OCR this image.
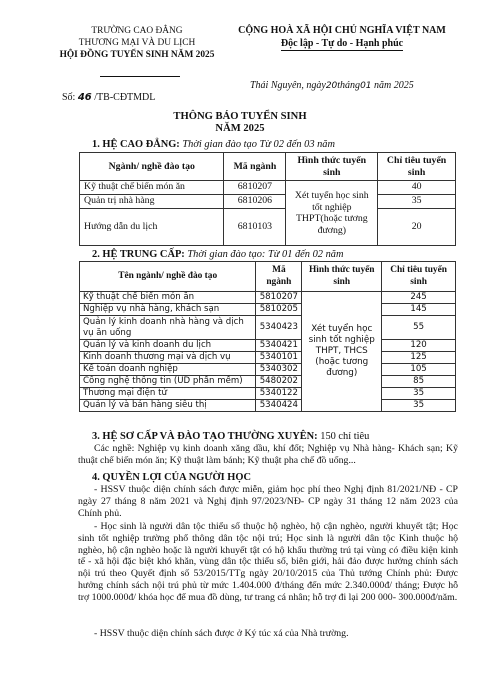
TRƯỜNG CAO ĐẲNG
THƯƠNG MẠI VÀ DU LỊCH
HỘI ĐỒNG TUYỂN SINH NĂM 2025
CỘNG HOÀ XÃ HỘI CHỦ NGHĨA VIỆT NAM
Độc lập - Tự do - Hạnh phúc
Thái Nguyên, ngày20tháng01 năm 2025
Số: 46 /TB-CĐTMDL
THÔNG BÁO TUYỂN SINH
NĂM 2025
1. HỆ CAO ĐẲNG: Thời gian đào tạo Từ 02 đến 03 năm
Ngành/ nghề đào tạo	Mã ngành	Hình thức tuyển sinh	Chỉ tiêu tuyển sinh
Kỹ thuật chế biến món ăn	6810207	Xét tuyển học sinh tốt nghiệp THPT(hoặc tương đương)	40
Quản trị nhà hàng	6810206		35
Hướng dẫn du lịch	6810103		20
2. HỆ TRUNG CẤP: Thời gian đào tạo: Từ 01 đến 02 năm
Tên ngành/ nghề đào tạo	Mã ngành	Hình thức tuyển sinh	Chỉ tiêu tuyển sinh
Kỹ thuật chế biến món ăn	5810207	Xét tuyển học sinh tốt nghiệp THPT, THCS (hoặc tương đương)	245
Nghiệp vụ nhà hàng, khách sạn	5810205		145
Quản lý kinh doanh nhà hàng và dịch vụ ăn uống	5340423		55
Quản lý và kinh doanh du lịch	5340421		120
Kinh doanh thương mại và dịch vụ	5340101		125
Kế toán doanh nghiệp	5340302		105
Công nghệ thông tin (UD phần mềm)	5480202		85
Thương mại điện tử	5340122		35
Quản lý và bán hàng siêu thị	5340424		35
3. HỆ SƠ CẤP VÀ ĐÀO TẠO THƯỜNG XUYÊN: 150 chỉ tiêu
Các nghề: Nghiệp vụ kinh doanh xăng dầu, khí đốt; Nghiệp vụ Nhà hàng- Khách sạn; Kỹ thuật chế biến món ăn; Kỹ thuật làm bánh; Kỹ thuật pha chế đồ uống...
4. QUYỀN LỢI CỦA NGƯỜI HỌC
- HSSV thuộc diện chính sách được miễn, giảm học phí theo Nghị định 81/2021/NĐ - CP ngày 27 tháng 8 năm 2021 và Nghị định 97/2023/NĐ- CP ngày 31 tháng 12 năm 2023 của Chính phủ.
- Học sinh là người dân tộc thiểu số thuộc hộ nghèo, hộ cận nghèo, người khuyết tật; Học sinh tốt nghiệp trường phổ thông dân tộc nội trú; Học sinh là người dân tộc Kinh thuộc hộ nghèo, hộ cận nghèo hoặc là người khuyết tật có hộ khẩu thường trú tại vùng có điều kiện kinh tế - xã hội đặc biệt khó khăn, vùng dân tộc thiểu số, biên giới, hải đảo được hưởng chính sách nội trú theo Quyết định số 53/2015/TTg ngày 20/10/2015 của Thủ tướng Chính phủ: Được hưởng chính sách nội trú phủ từ mức 1.404.000 đ/tháng đến mức 2.340.000đ/ tháng; Được hỗ trợ 1000.000đ/ khóa học để mua đồ dùng, tư trang cá nhân; hỗ trợ đi lại 200 000- 300.000đ/năm.
- HSSV thuộc diện chính sách được ở Ký túc xá của Nhà trường.
